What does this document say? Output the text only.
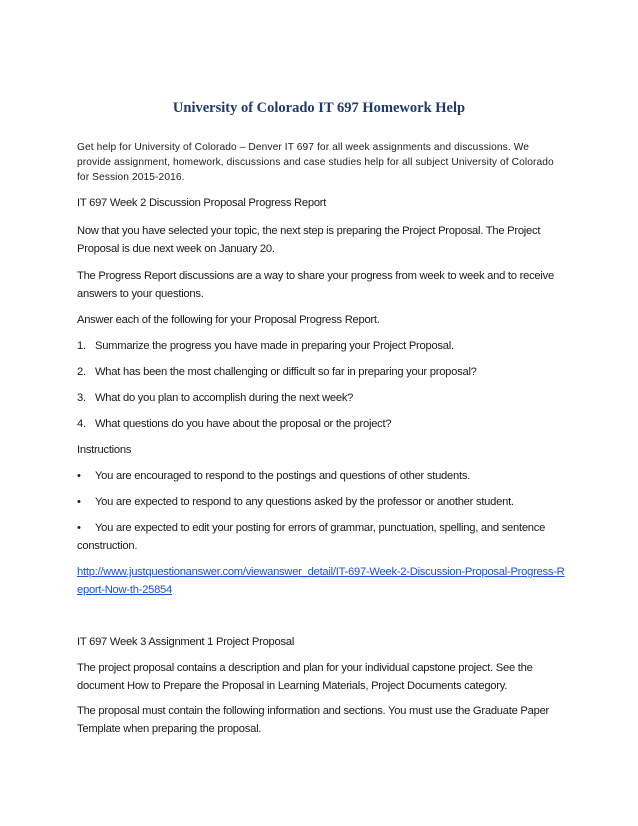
University of Colorado IT 697 Homework Help
Get help for University of Colorado – Denver IT 697 for all week assignments and discussions. We provide assignment, homework, discussions and case studies help for all subject University of Colorado for Session 2015-2016.

IT 697 Week 2 Discussion Proposal Progress Report

Now that you have selected your topic, the next step is preparing the Project Proposal. The Project Proposal is due next week on January 20.

The Progress Report discussions are a way to share your progress from week to week and to receive answers to your questions.

Answer each of the following for your Proposal Progress Report.

1. Summarize the progress you have made in preparing your Project Proposal.

2. What has been the most challenging or difficult so far in preparing your proposal?

3. What do you plan to accomplish during the next week?

4. What questions do you have about the proposal or the project?

Instructions

• You are encouraged to respond to the postings and questions of other students.

• You are expected to respond to any questions asked by the professor or another student.

• You are expected to edit your posting for errors of grammar, punctuation, spelling, and sentence construction.

http://www.justquestionanswer.com/viewanswer_detail/IT-697-Week-2-Discussion-Proposal-Progress-Report-Now-th-25854

IT 697 Week 3 Assignment 1 Project Proposal

The project proposal contains a description and plan for your individual capstone project. See the document How to Prepare the Proposal in Learning Materials, Project Documents category.

The proposal must contain the following information and sections. You must use the Graduate Paper Template when preparing the proposal.
